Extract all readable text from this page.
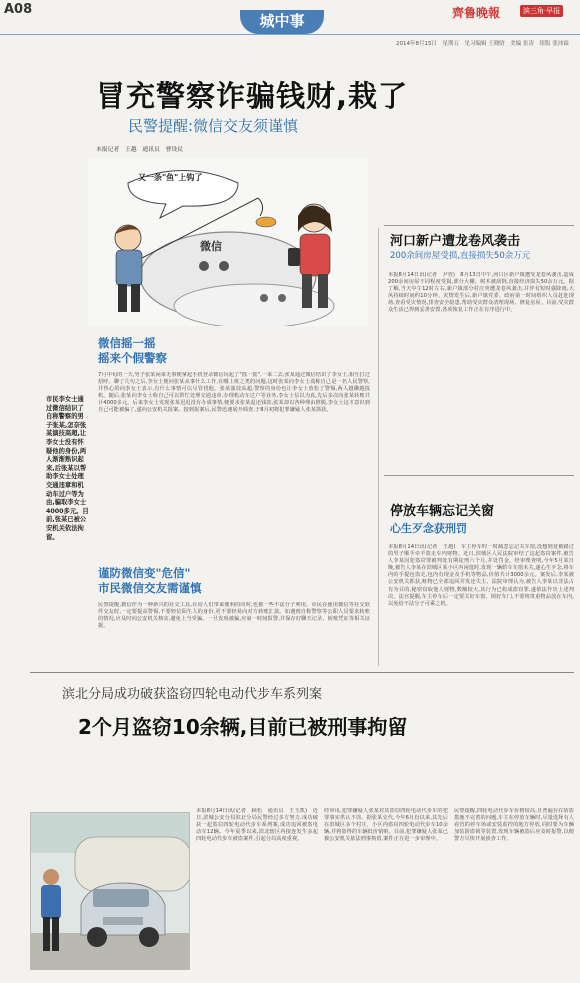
A08
城中事	齊鲁晚報	滨三角·早报
2014年8月15日　星期五　见习编辑 王晓晗　美编 张涛　组版 张沛霖
冒充警察诈骗钱财,栽了
民警提醒:微信交友须谨慎
本报记者　王越　通讯员　曹设民
又一条"鱼"上钩了
微信
市民李女士通过微信结识了自称警察的男子张某,怎奈张某演技高超,让李女士没有怀疑他的身份,两人渐渐熟识起来,后张某以帮助李女士处理交通违章和机动车过户等为由,骗取李女士4000多元。目前,张某已被公安机关依法拘留。
微信摇一摇
摇来个假警察
7月中旬的一天,男子张某闲来无事便拿起手机登录微信玩起了"摇一摇",一来二去,张某通过微信结识了李女士,相互打过招呼、聊了几句之后,李女士便问张某从事什么工作,在哪上班之类的问题,这时张某向李女士谎称自己是一名人民警察,并热心的向李女士表示,有什么事情可以尽管找他。张某演技高超,警察的身份也让李女士放松了警惕,两人越聊越投机。随后,张某向李女士称自己可以帮忙处理交通违章,办理机动车过户等业务,李女士信以为真,先后多次向张某转账共计4000多元。后来李女士发现张某迟迟没有办成事情,便要求张某退还钱款,张某却以各种理由推脱,李女士这才意识到自己可能被骗了,遂向公安机关报案。接到报案后,民警迅速展开调查,于8月初将犯罪嫌疑人张某抓获。
谨防微信变"危信"
市民微信交友需谨慎
民警提醒,微信作为一种新兴的社交工具,在给人们带来便利的同时,也被一些不法分子利用。市民在使用微信等社交软件交友时,一定要提高警惕,不要轻信陌生人的身份,更不要轻易向对方转账汇款。如遇到自称警察等公职人员要求转账的情况,应及时向公安机关核实,避免上当受骗。一旦发现被骗,应第一时间报警,并保存好聊天记录、转账凭证等相关证据。
河口新户遭龙卷风袭击
200余间房屋受损,直接损失50余万元
本报8月14日讯(记者　尹萱)　8月13日中午,河口区新户镇遭受龙卷风袭击,造成200余间房屋不同程度受损,部分大棚、树木被刮倒,直接经济损失50余万元。据了解,当天中午12时左右,新户镇部分村庄突遭龙卷风袭击,并伴有短时强降雨,大风持续时间约10分钟。灾情发生后,新户镇党委、政府第一时间组织人员赶赴现场,查看受灾情况,排查安全隐患,帮助受灾群众清理现场、修复房屋。目前,受灾群众生活已得到妥善安置,各项恢复工作正在有序进行中。
停放车辆忘记关窗
心生歹念获刑罚
本报8月14日讯(记者　王越)　车主停车时一时疏忽忘记关车窗,没想到竟被路过的男子顺手牵羊盗走车内财物。近日,滨城区人民法院审结了这起盗窃案件,被告人李某因犯盗窃罪被判处有期徒刑六个月,并处罚金。经审理查明,今年5月某日晚,被告人李某在滨城区某小区内闲逛时,发现一辆轿车车窗未关,遂心生歹念,将车内的手提包盗走,包内有现金及手机等物品,价值共计3000余元。案发后,李某被公安机关抓获,赃物已全部追回并发还失主。法院审理认为,被告人李某以非法占有为目的,秘密窃取他人财物,数额较大,其行为已构成盗窃罪,遂依法作出上述判决。法官提醒,车主停车后一定要关好车窗、锁好车门,不要将贵重物品放在车内,以免给不法分子可乘之机。
滨北分局成功破获盗窃四轮电动代步车系列案
2个月盗窃10余辆,目前已被刑事拘留
本报8月14日讯(记者　顾松　通讯员　王玉凯)　近日,滨城公安分局滨北分局民警经过多方努力,成功破获一起盗窃四轮电动代步车系列案,成功追回被盗电动车12辆。今年夏季以来,滨北辖区内接连发生多起四轮电动代步车被盗案件,引起分局高度重视。
经审讯,犯罪嫌疑人张某对其盗窃四轮电动代步车的犯罪事实供认不讳。据张某交代,今年6月份以来,其先后在滨城区多个村庄、小区内盗窃四轮电动代步车10余辆,并将盗得的车辆低价销赃。目前,犯罪嫌疑人张某已被公安机关依法刑事拘留,案件正在进一步审理中。
民警提醒,四轮电动代步车价格较高,且普遍存在防盗措施不完善的问题,车主在停放车辆时,尽量选择有人看管的停车场或安装监控的地方停放,同时要为车辆加装防盗锁等装置,发现车辆被盗后应及时报警,以便警方尽快开展侦查工作。
